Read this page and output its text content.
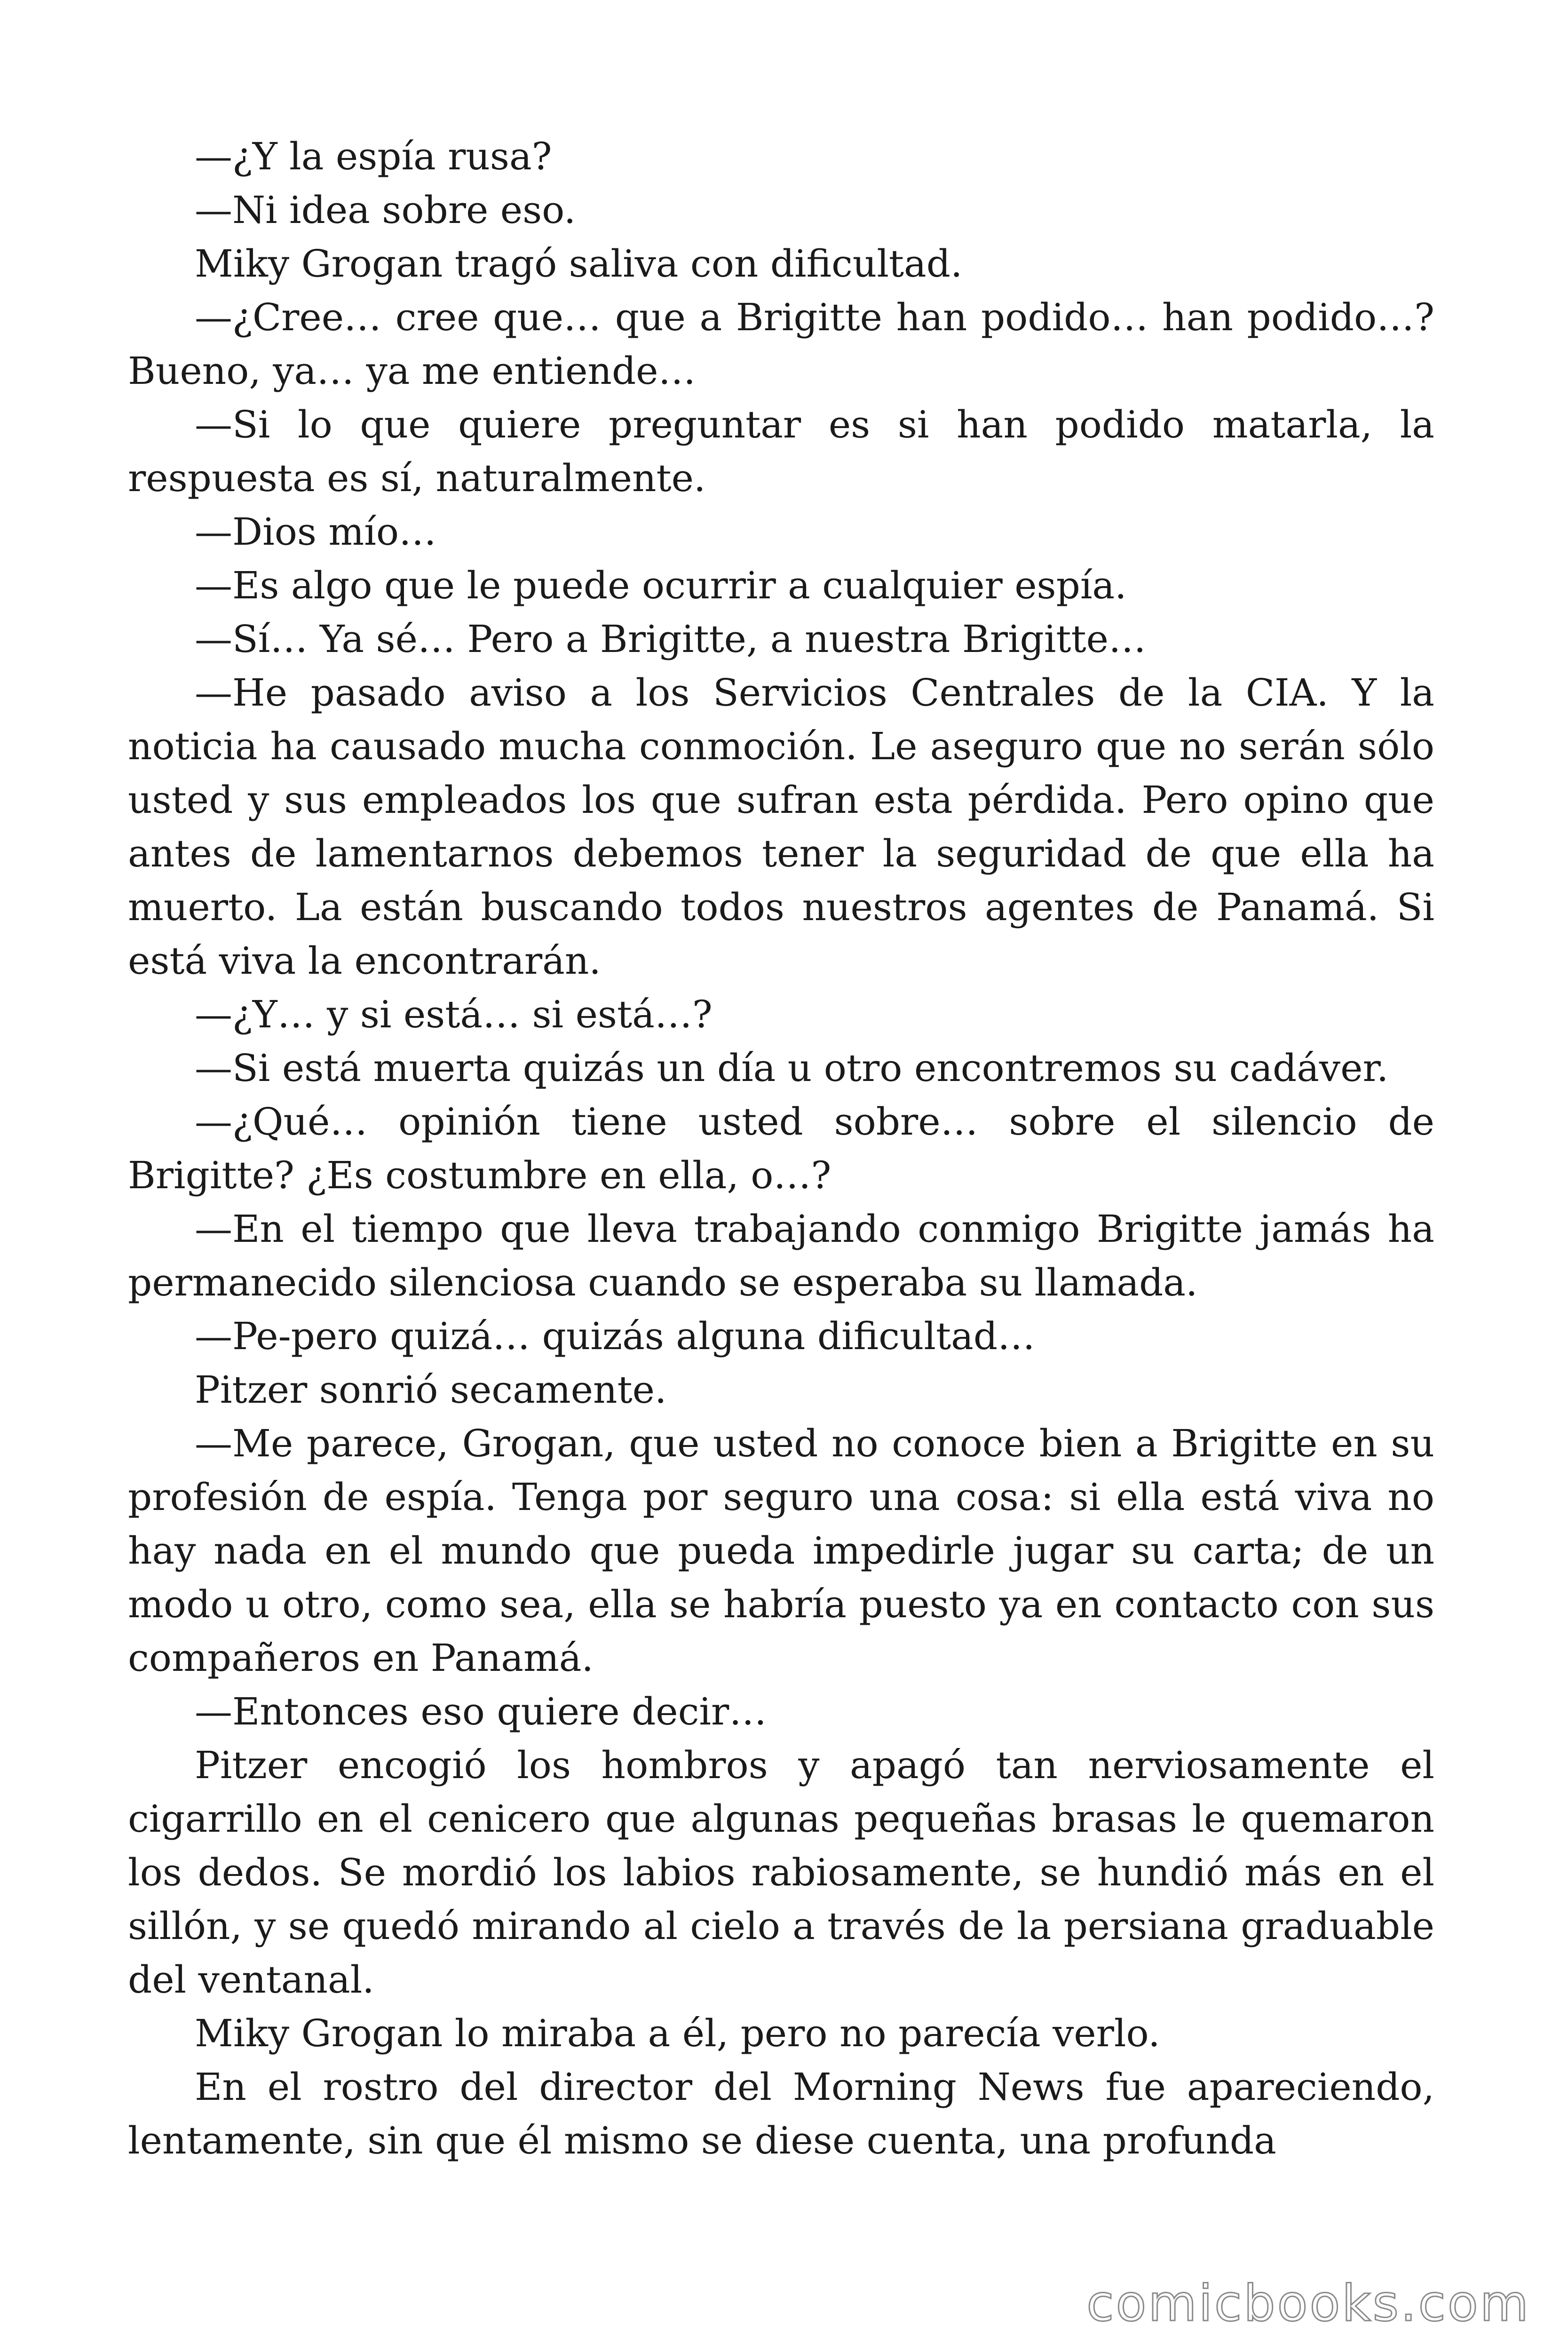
—¿Y la espía rusa?

—Ni idea sobre eso.

Miky Grogan tragó saliva con dificultad.

—¿Cree… cree que… que a Brigitte han podido… han podido…? Bueno, ya… ya me entiende…

—Si lo que quiere preguntar es si han podido matarla, la respuesta es sí, naturalmente.

—Dios mío…

—Es algo que le puede ocurrir a cualquier espía.

—Sí… Ya sé… Pero a Brigitte, a nuestra Brigitte…

—He pasado aviso a los Servicios Centrales de la CIA. Y la noticia ha causado mucha conmoción. Le aseguro que no serán sólo usted y sus empleados los que sufran esta pérdida. Pero opino que antes de lamentarnos debemos tener la seguridad de que ella ha muerto. La están buscando todos nuestros agentes de Panamá. Si está viva la encontrarán.

—¿Y… y si está… si está…?

—Si está muerta quizás un día u otro encontremos su cadáver.

—¿Qué… opinión tiene usted sobre… sobre el silencio de Brigitte? ¿Es costumbre en ella, o…?

—En el tiempo que lleva trabajando conmigo Brigitte jamás ha permanecido silenciosa cuando se esperaba su llamada.

—Pe-pero quizá… quizás alguna dificultad…

Pitzer sonrió secamente.

—Me parece, Grogan, que usted no conoce bien a Brigitte en su profesión de espía. Tenga por seguro una cosa: si ella está viva no hay nada en el mundo que pueda impedirle jugar su carta; de un modo u otro, como sea, ella se habría puesto ya en contacto con sus compañeros en Panamá.

—Entonces eso quiere decir…

Pitzer encogió los hombros y apagó tan nerviosamente el cigarrillo en el cenicero que algunas pequeñas brasas le quemaron los dedos. Se mordió los labios rabiosamente, se hundió más en el sillón, y se quedó mirando al cielo a través de la persiana graduable del ventanal.

Miky Grogan lo miraba a él, pero no parecía verlo.

En el rostro del director del Morning News fue apareciendo, lentamente, sin que él mismo se diese cuenta, una profunda

comicbooks.com
